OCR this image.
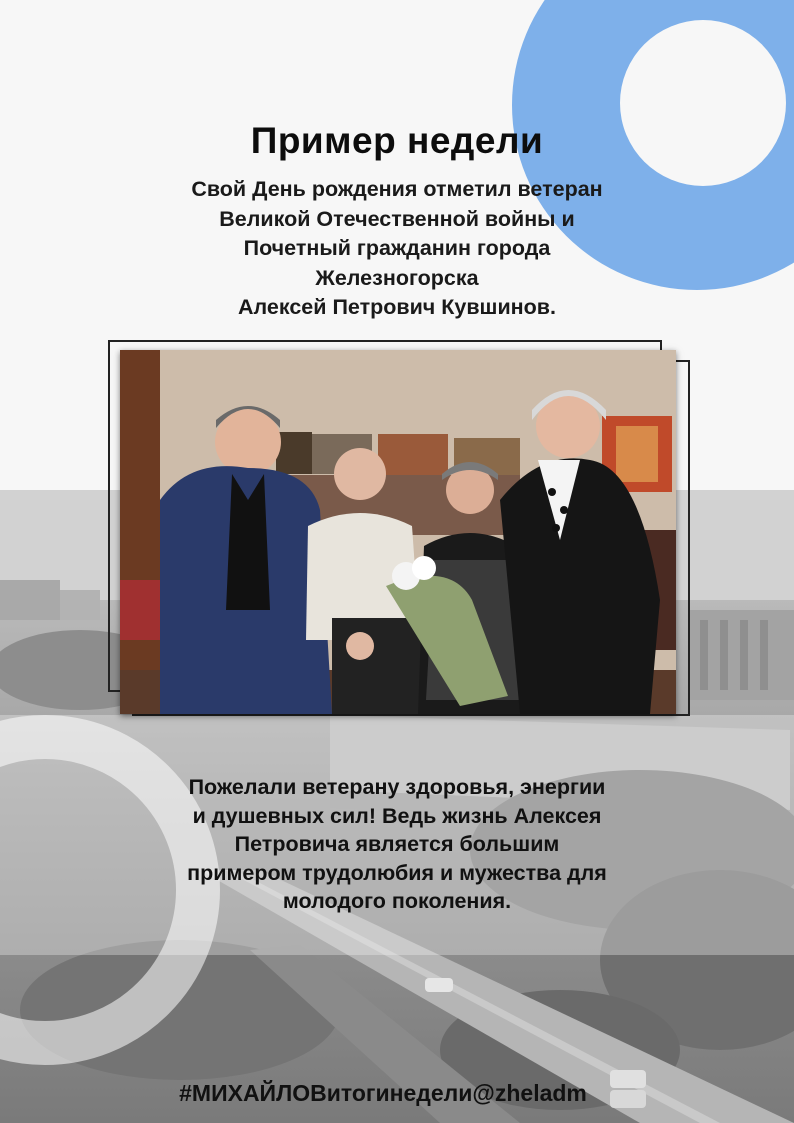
Пример недели

Свой День рождения отметил ветеран
Великой Отечественной войны и
Почетный гражданин города
Железногорска
Алексей Петрович Кувшинов.

Пожелали ветерану здоровья, энергии
и душевных сил! Ведь жизнь Алексея
Петровича является большим
примером трудолюбия и мужества для
молодого поколения.

#МИХАЙЛОВитогинедели@zheladm
